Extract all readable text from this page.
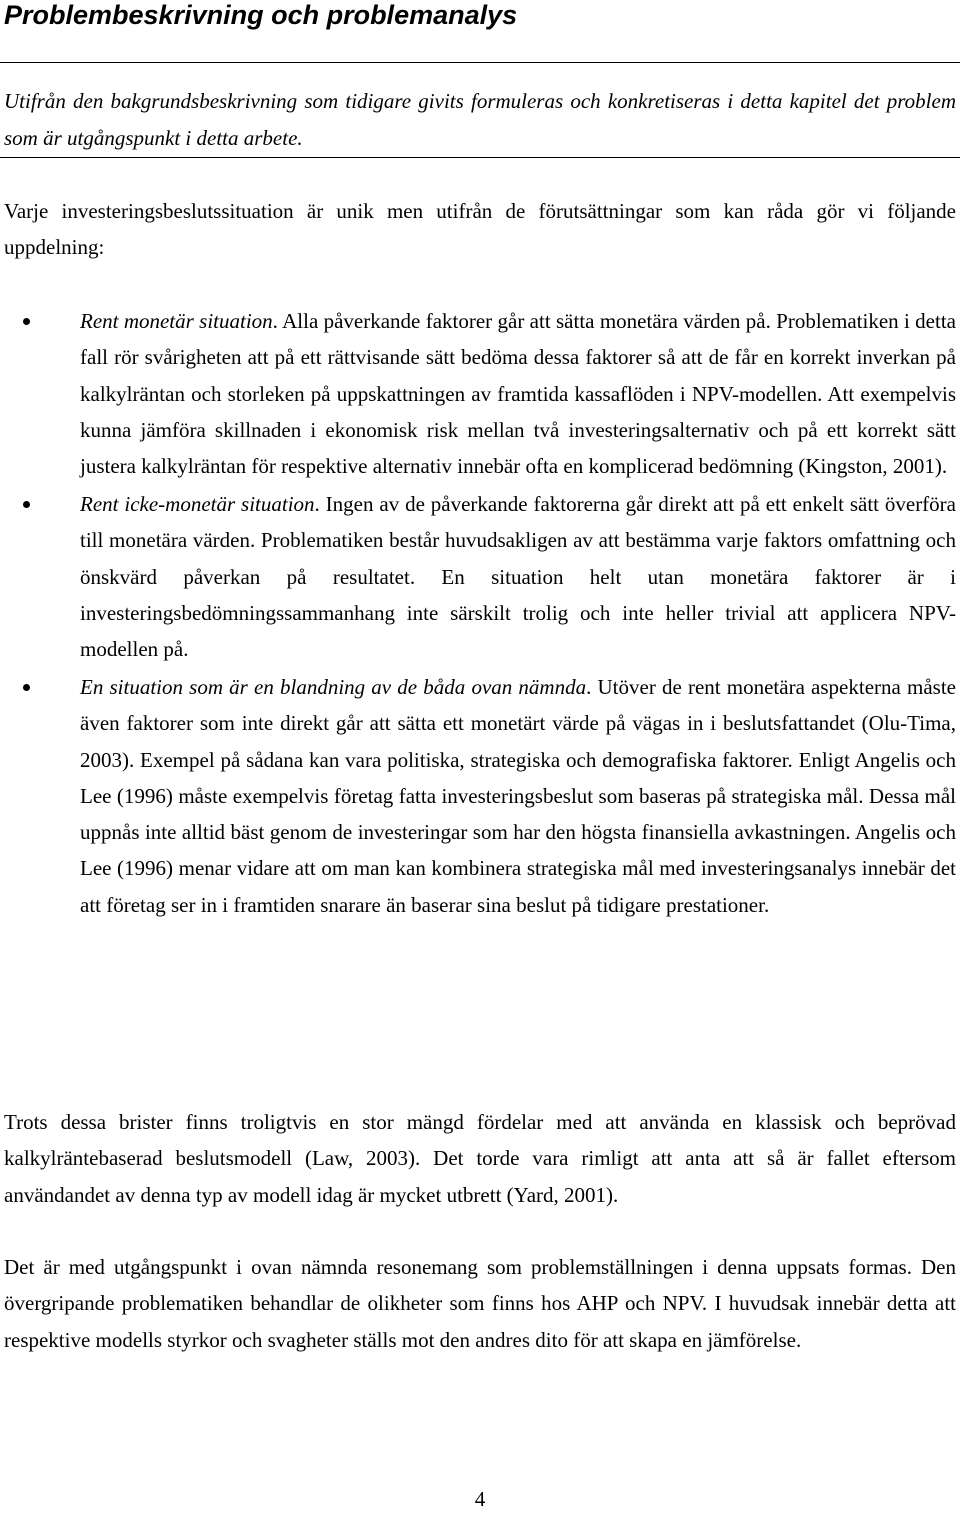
Problembeskrivning och problemanalys

Utifrån den bakgrundsbeskrivning som tidigare givits formuleras och konkretiseras i detta kapitel det problem som är utgångspunkt i detta arbete.

Varje investeringsbeslutssituation är unik men utifrån de förutsättningar som kan råda gör vi följande uppdelning:

Rent monetär situation. Alla påverkande faktorer går att sätta monetära värden på. Problematiken i detta fall rör svårigheten att på ett rättvisande sätt bedöma dessa faktorer så att de får en korrekt inverkan på kalkylräntan och storleken på uppskattningen av framtida kassaflöden i NPV-modellen. Att exempelvis kunna jämföra skillnaden i ekonomisk risk mellan två investeringsalternativ och på ett korrekt sätt justera kalkylräntan för respektive alternativ innebär ofta en komplicerad bedömning (Kingston, 2001).
Rent icke-monetär situation. Ingen av de påverkande faktorerna går direkt att på ett enkelt sätt överföra till monetära värden. Problematiken består huvudsakligen av att bestämma varje faktors omfattning och önskvärd påverkan på resultatet. En situation helt utan monetära faktorer är i investeringsbedömningssammanhang inte särskilt trolig och inte heller trivial att applicera NPV-modellen på.
En situation som är en blandning av de båda ovan nämnda. Utöver de rent monetära aspekterna måste även faktorer som inte direkt går att sätta ett monetärt värde på vägas in i beslutsfattandet (Olu-Tima, 2003). Exempel på sådana kan vara politiska, strategiska och demografiska faktorer. Enligt Angelis och Lee (1996) måste exempelvis företag fatta investeringsbeslut som baseras på strategiska mål. Dessa mål uppnås inte alltid bäst genom de investeringar som har den högsta finansiella avkastningen. Angelis och Lee (1996) menar vidare att om man kan kombinera strategiska mål med investeringsanalys innebär det att företag ser in i framtiden snarare än baserar sina beslut på tidigare prestationer.

Trots dessa brister finns troligtvis en stor mängd fördelar med att använda en klassisk och beprövad kalkylräntebaserad beslutsmodell (Law, 2003). Det torde vara rimligt att anta att så är fallet eftersom användandet av denna typ av modell idag är mycket utbrett (Yard, 2001).

Det är med utgångspunkt i ovan nämnda resonemang som problemställningen i denna uppsats formas. Den övergripande problematiken behandlar de olikheter som finns hos AHP och NPV. I huvudsak innebär detta att respektive modells styrkor och svagheter ställs mot den andres dito för att skapa en jämförelse.

4
